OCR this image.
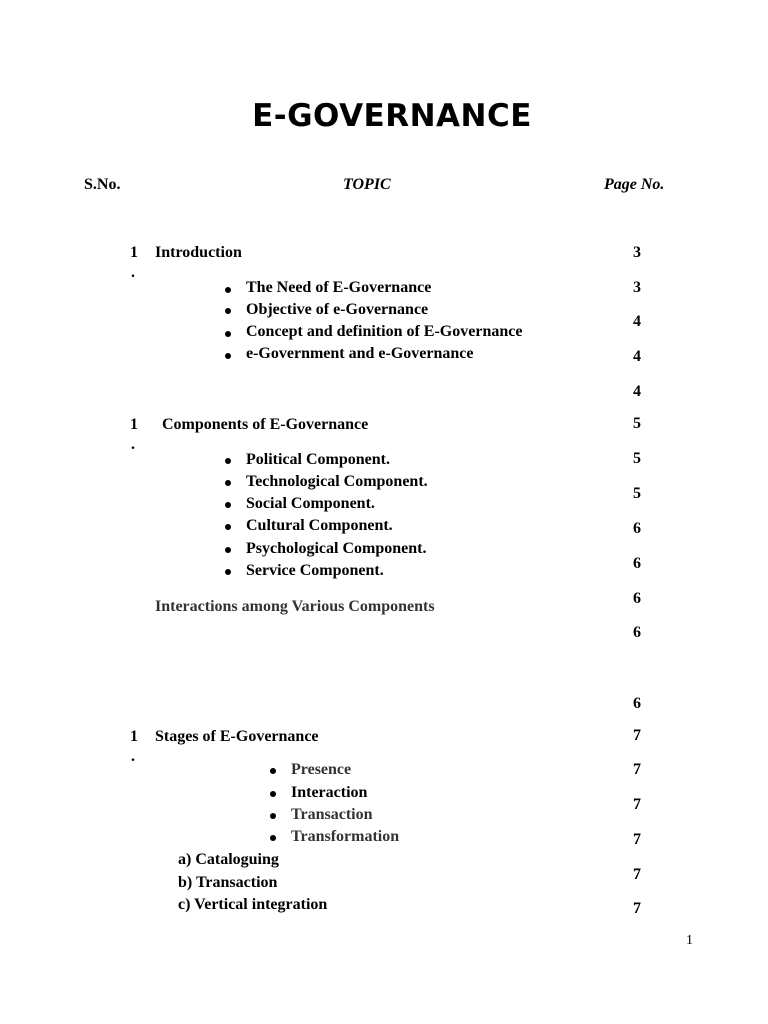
E-GOVERNANCE
S.No.	TOPIC	Page No.
1
.
Introduction
The Need of E-Governance
Objective of e-Governance
Concept and definition of E-Governance
e-Government and e-Governance
1
.
Components of E-Governance
Political Component.
Technological Component.
Social Component.
Cultural Component.
Psychological Component.
Service Component.
Interactions among Various Components
1
.
Stages of E-Governance
Presence
Interaction
Transaction
Transformation
a) Cataloguing
b) Transaction
c) Vertical integration
3
3
4
4
4
5
5
5
6
6
6
6
6
7
7
7
7
7
7
1
